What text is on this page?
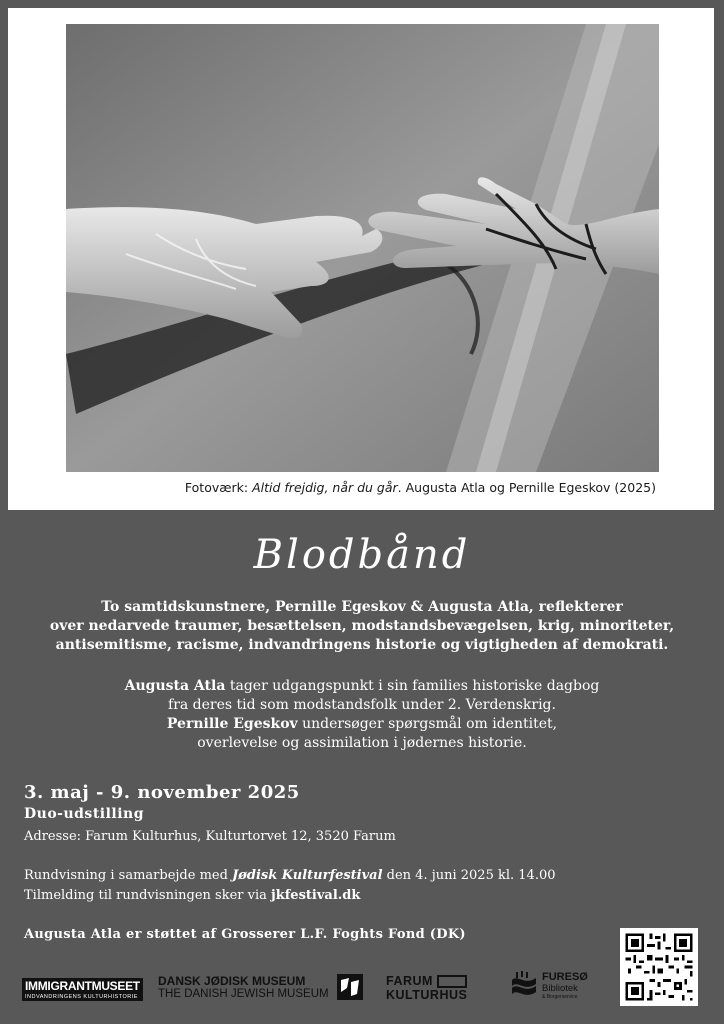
Fotoværk: Altid frejdig, når du går. Augusta Atla og Pernille Egeskov (2025)
Blodbånd
To samtidskunstnere, Pernille Egeskov & Augusta Atla, reflekterer
over nedarvede traumer, besættelsen, modstandsbevægelsen, krig, minoriteter,
antisemitisme, racisme, indvandringens historie og vigtigheden af demokrati.
Augusta Atla tager udgangspunkt i sin families historiske dagbog
fra deres tid som modstandsfolk under 2. Verdenskrig.
Pernille Egeskov undersøger spørgsmål om identitet,
overlevelse og assimilation i jødernes historie.
3. maj - 9. november 2025
Duo-udstilling
Adresse: Farum Kulturhus, Kulturtorvet 12, 3520 Farum
Rundvisning i samarbejde med Jødisk Kulturfestival den 4. juni 2025 kl. 14.00
Tilmelding til rundvisningen sker via jkfestival.dk
Augusta Atla er støttet af Grosserer L.F. Foghts Fond (DK)
IMMIGRANTMUSEET
INDVANDRINGENS KULTURHISTORIE
DANSK JØDISK MUSEUM
THE DANISH JEWISH MUSEUM
FARUM
KULTURHUS
FURESØ
Bibliotek
& Borgerservice
